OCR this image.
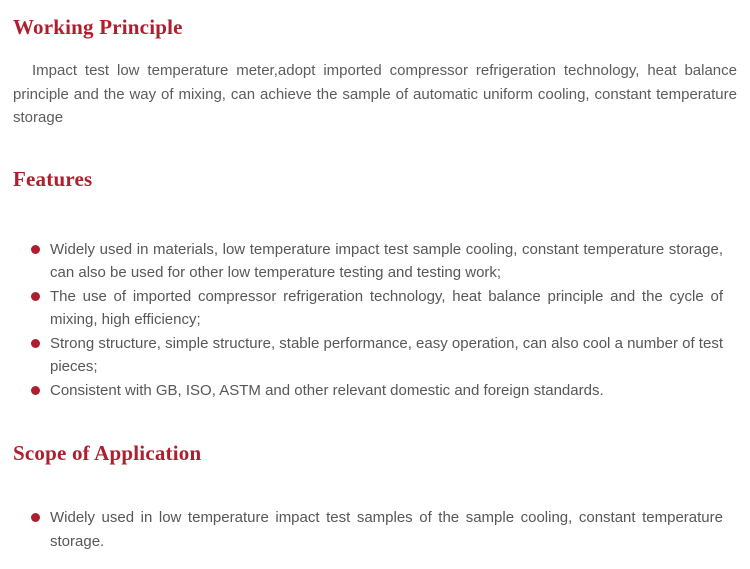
Working Principle

Impact test low temperature meter,adopt imported compressor refrigeration technology, heat balance principle and the way of mixing, can achieve the sample of automatic uniform cooling, constant temperature storage

Features
Widely used in materials, low temperature impact test sample cooling, constant temperature storage, can also be used for other low temperature testing and testing work;
The use of imported compressor refrigeration technology, heat balance principle and the cycle of mixing, high efficiency;
Strong structure, simple structure, stable performance, easy operation, can also cool a number of test pieces;
Consistent with GB, ISO, ASTM and other relevant domestic and foreign standards.
Scope of Application
Widely used in low temperature impact test samples of the sample cooling, constant temperature storage.
